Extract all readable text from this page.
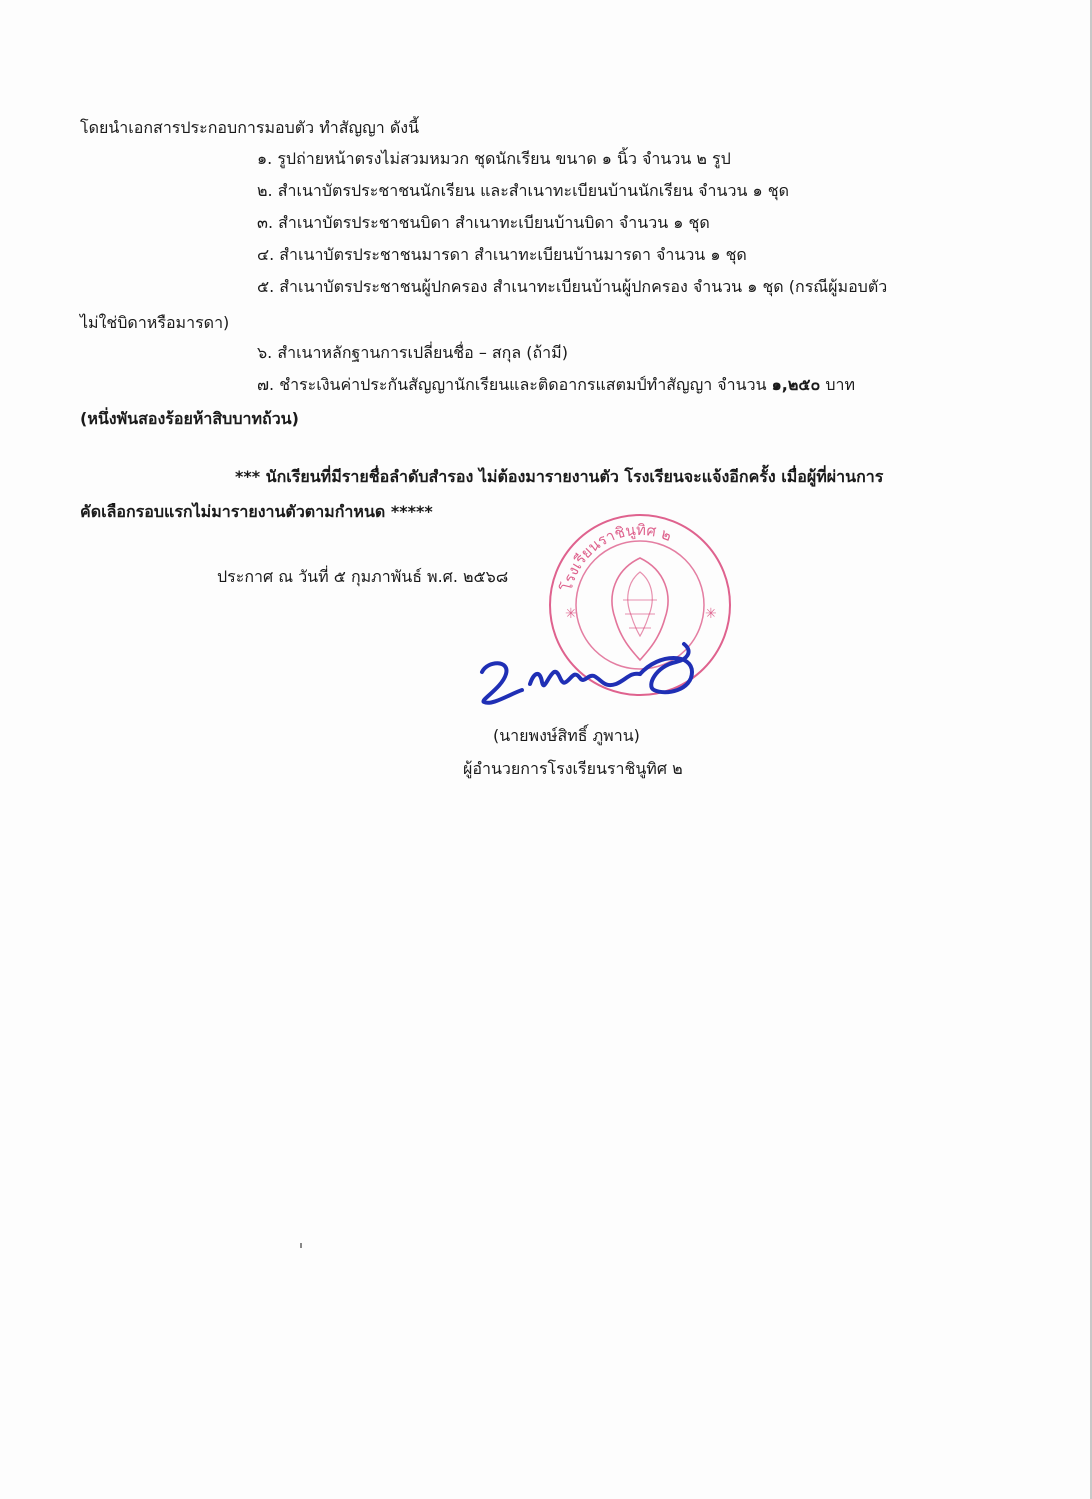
โดยนำเอกสารประกอบการมอบตัว ทำสัญญา ดังนี้
๑. รูปถ่ายหน้าตรงไม่สวมหมวก ชุดนักเรียน ขนาด ๑ นิ้ว จำนวน ๒ รูป
๒. สำเนาบัตรประชาชนนักเรียน และสำเนาทะเบียนบ้านนักเรียน จำนวน ๑ ชุด
๓. สำเนาบัตรประชาชนบิดา สำเนาทะเบียนบ้านบิดา จำนวน ๑ ชุด
๔. สำเนาบัตรประชาชนมารดา สำเนาทะเบียนบ้านมารดา จำนวน ๑ ชุด
๕. สำเนาบัตรประชาชนผู้ปกครอง สำเนาทะเบียนบ้านผู้ปกครอง จำนวน ๑ ชุด (กรณีผู้มอบตัว
ไม่ใช่บิดาหรือมารดา)
๖. สำเนาหลักฐานการเปลี่ยนชื่อ – สกุล (ถ้ามี)
๗. ชำระเงินค่าประกันสัญญานักเรียนและติดอากรแสตมป์ทำสัญญา จำนวน ๑,๒๕๐ บาท
(หนึ่งพันสองร้อยห้าสิบบาทถ้วน)
*** นักเรียนที่มีรายชื่อลำดับสำรอง ไม่ต้องมารายงานตัว โรงเรียนจะแจ้งอีกครั้ง เมื่อผู้ที่ผ่านการ
คัดเลือกรอบแรกไม่มารายงานตัวตามกำหนด *****
ประกาศ ณ วันที่ ๕ กุมภาพันธ์ พ.ศ. ๒๕๖๘
โรงเรียนราชินูทิศ ๒
✳	✳
(นายพงษ์สิทธิ์ ภูพาน)
ผู้อำนวยการโรงเรียนราชินูทิศ ๒
